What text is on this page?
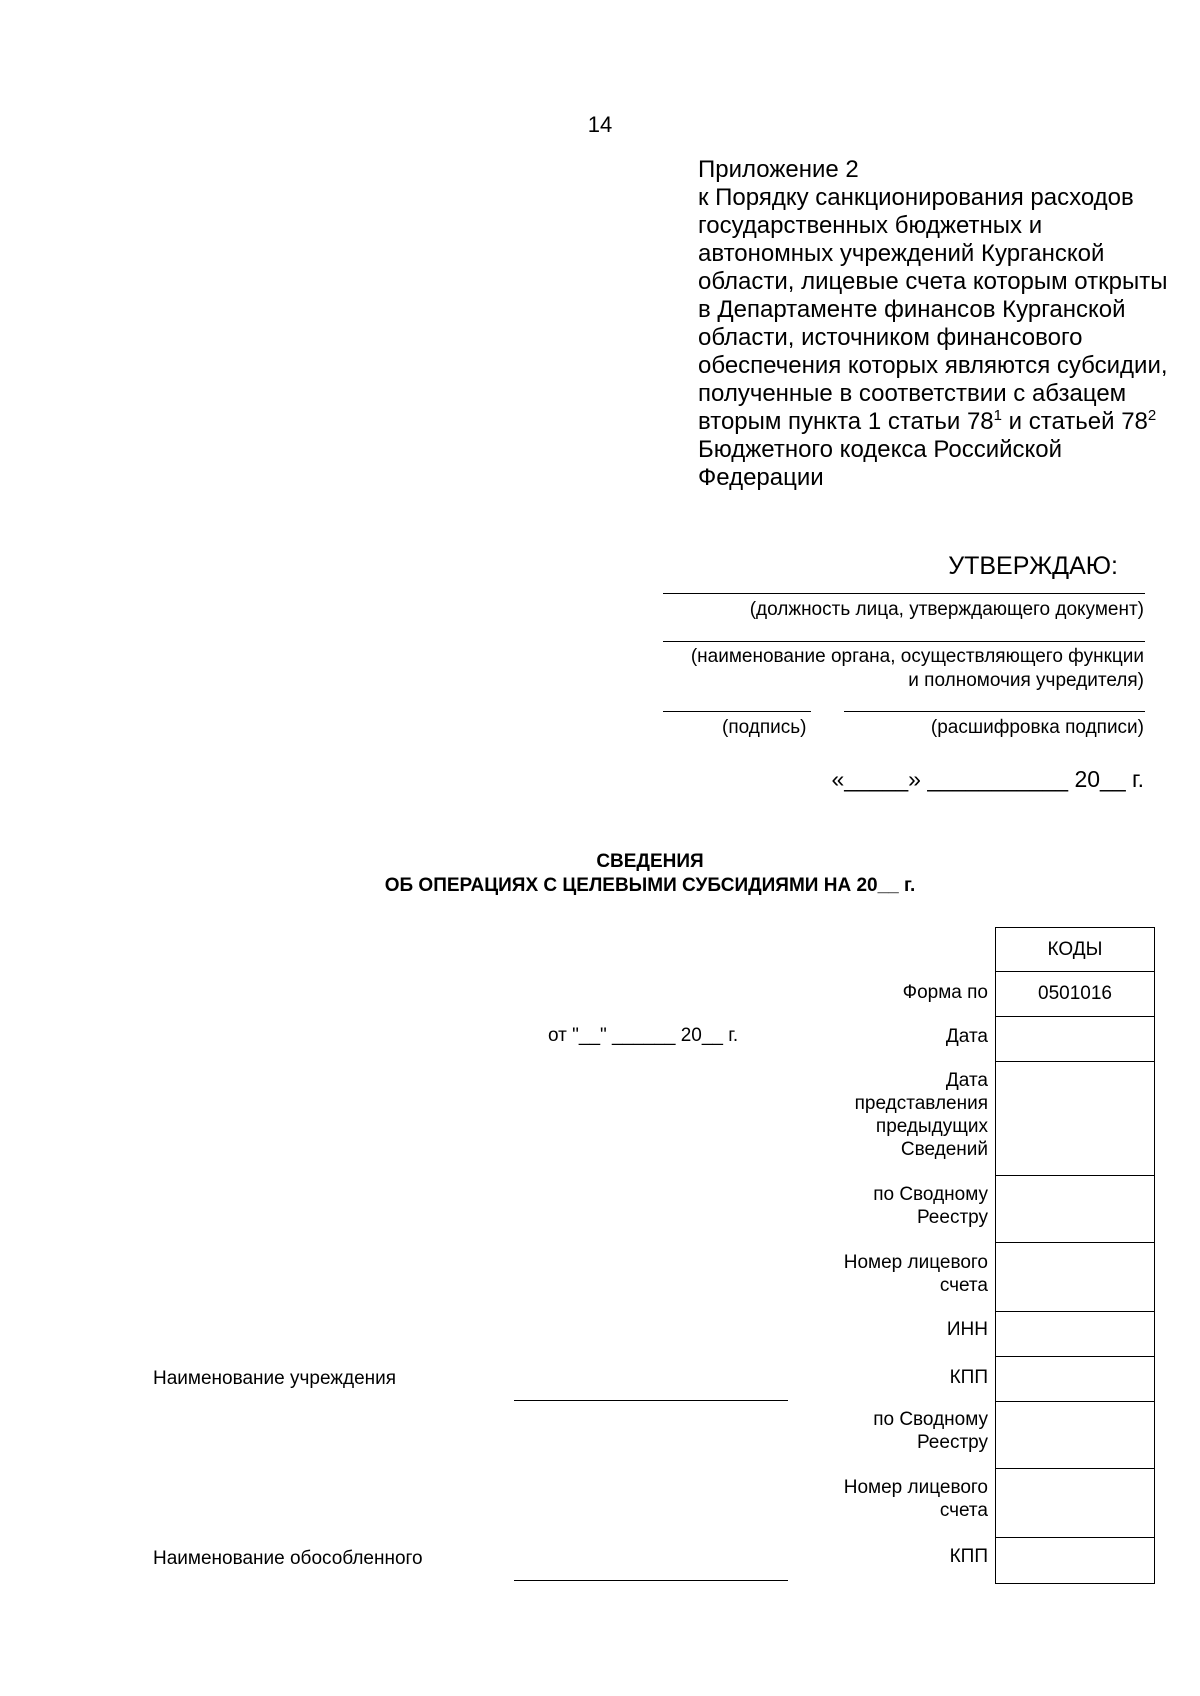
14
Приложение 2
к Порядку санкционирования расходов государственных бюджетных и автономных учреждений Курганской области, лицевые счета которым открыты в Департаменте финансов Курганской области, источником финансового обеспечения которых являются субсидии, полученные в соответствии с абзацем вторым пункта 1 статьи $78^1$ и статьей $78^2$ Бюджетного кодекса Российской Федерации
УТВЕРЖДАЮ:
(должность лица, утверждающего документ)
(наименование органа, осуществляющего функции
и полномочия учредителя)
(подпись)	(расшифровка подписи)
«_____» ___________ 20__ г.
СВЕДЕНИЯ
ОБ ОПЕРАЦИЯХ С ЦЕЛЕВЫМИ СУБСИДИЯМИ НА 20__ г.
от "__" ______ 20__ г.
Форма по
Дата
Дата представления предыдущих Сведений
по Сводному Реестру
Номер лицевого счета
ИНН
КПП
по Сводному Реестру
Номер лицевого счета
КПП
КОДЫ
0501016
Наименование учреждения
Наименование обособленного
